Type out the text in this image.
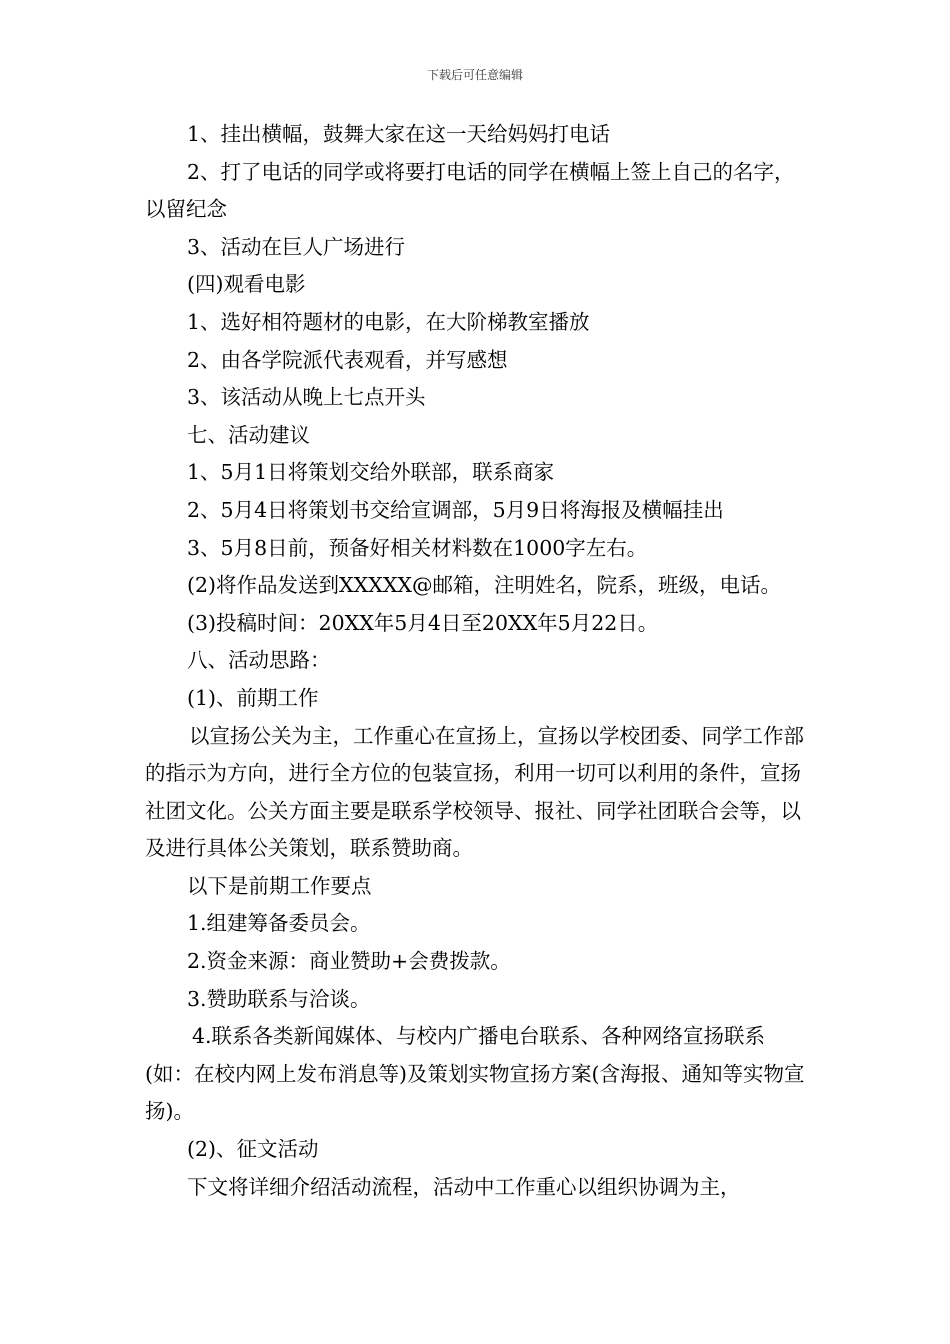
下载后可任意编辑

1、挂出横幅，鼓舞大家在这一天给妈妈打电话

2、打了电话的同学或将要打电话的同学在横幅上签上自己的名字，以留纪念

3、活动在巨人广场进行

(四)观看电影

1、选好相符题材的电影，在大阶梯教室播放

2、由各学院派代表观看，并写感想

3、该活动从晚上七点开头

七、活动建议

1、5月1日将策划交给外联部，联系商家

2、5月4日将策划书交给宣调部，5月9日将海报及横幅挂出

3、5月8日前，预备好相关材料数在1000字左右。

(2)将作品发送到XXXXX@邮箱，注明姓名，院系，班级，电话。

(3)投稿时间：20XX年5月4日至20XX年5月22日。

八、活动思路：

(1)、前期工作

以宣扬公关为主，工作重心在宣扬上，宣扬以学校团委、同学工作部的指示为方向，进行全方位的包装宣扬，利用一切可以利用的条件，宣扬社团文化。公关方面主要是联系学校领导、报社、同学社团联合会等，以及进行具体公关策划，联系赞助商。

以下是前期工作要点

1.组建筹备委员会。

2.资金来源：商业赞助+会费拨款。

3.赞助联系与洽谈。

4.联系各类新闻媒体、与校内广播电台联系、各种网络宣扬联系(如：在校内网上发布消息等)及策划实物宣扬方案(含海报、通知等实物宣扬)。

(2)、征文活动

下文将详细介绍活动流程，活动中工作重心以组织协调为主，
